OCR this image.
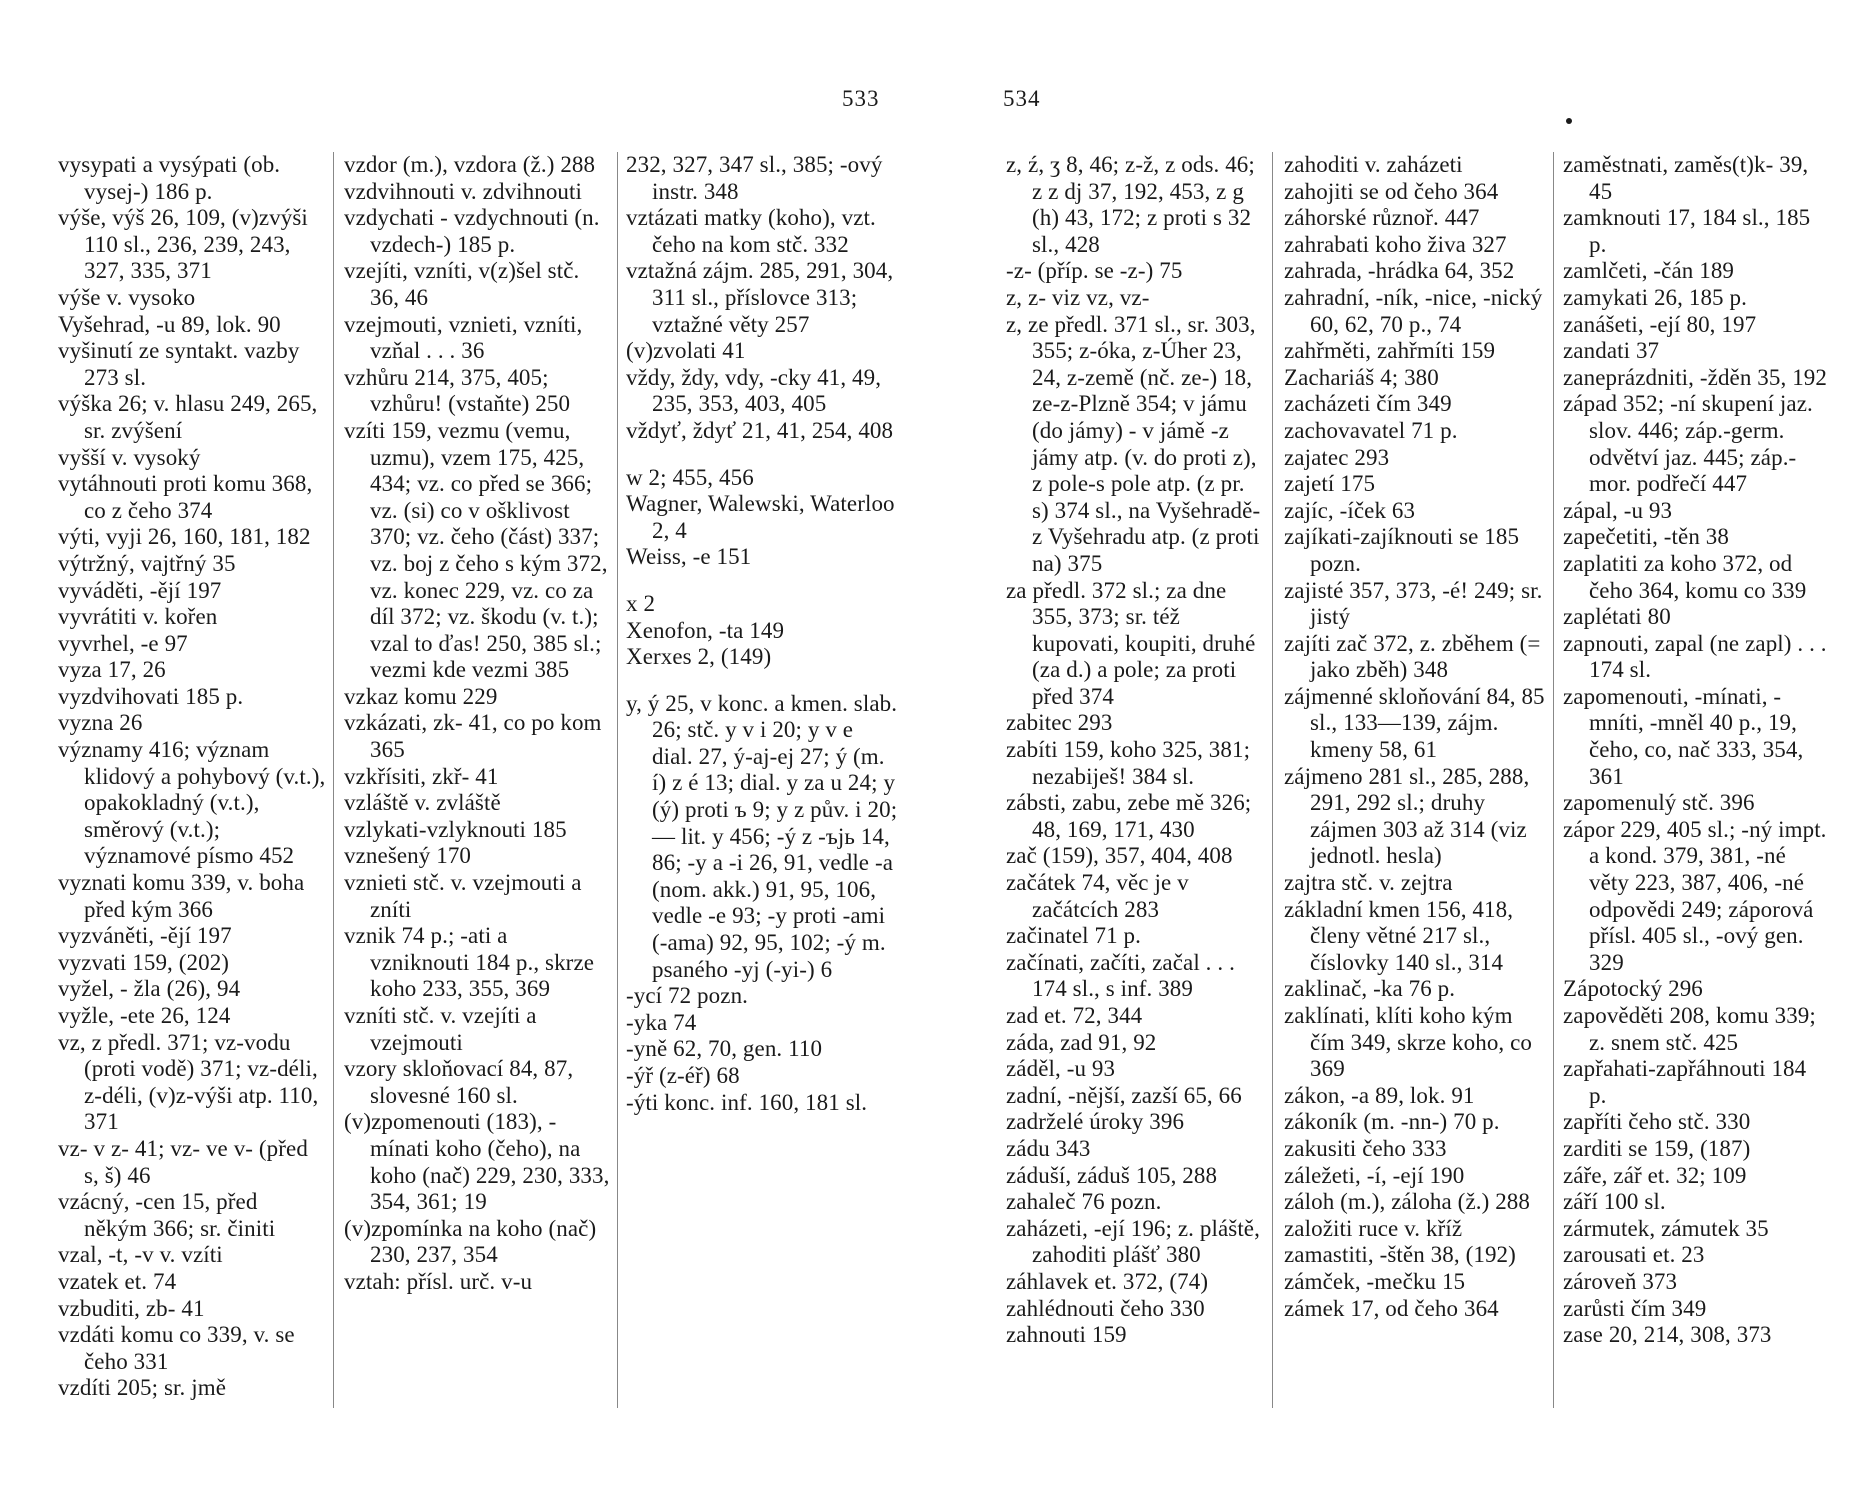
533	534
vysypati a vysýpati (ob. vysej-) 186 p.
výše, výš 26, 109, (v)zvýši 110 sl., 236, 239, 243, 327, 335, 371
výše v. vysoko
Vyšehrad, -u 89, lok. 90
vyšinutí ze syntakt. vazby 273 sl.
výška 26; v. hlasu 249, 265, sr. zvýšení
vyšší v. vysoký
vytáhnouti proti komu 368, co z čeho 374
výti, vyji 26, 160, 181, 182
výtržný, vajtřný 35
vyváděti, -ějí 197
vyvrátiti v. kořen
vyvrhel, -e 97
vyza 17, 26
vyzdvihovati 185 p.
vyzna 26
významy 416; význam klidový a pohybový (v.t.), opakokladný (v.t.), směrový (v.t.); významové písmo 452
vyznati komu 339, v. boha před kým 366
vyzváněti, -ějí 197
vyzvati 159, (202)
vyžel, - žla (26), 94
vyžle, -ete 26, 124
vz, z předl. 371; vz-vodu (proti vodě) 371; vz-déli, z-déli, (v)z-výši atp. 110, 371
vz- v z- 41; vz- ve v- (před s, š) 46
vzácný, -cen 15, před někým 366; sr. činiti
vzal, -t, -v v. vzíti
vzatek et. 74
vzbuditi, zb- 41
vzdáti komu co 339, v. se čeho 331
vzdíti 205; sr. jmě
vzdor (m.), vzdora (ž.) 288
vzdvihnouti v. zdvihnouti
vzdychati - vzdychnouti (n. vzdech-) 185 p.
vzejíti, vzníti, v(z)šel stč. 36, 46
vzejmouti, vznieti, vzníti, vzňal . . . 36
vzhůru 214, 375, 405; vzhůru! (vstaňte) 250
vzíti 159, vezmu (vemu, uzmu), vzem 175, 425, 434; vz. co před se 366; vz. (si) co v ošklivost 370; vz. čeho (část) 337; vz. boj z čeho s kým 372, vz. konec 229, vz. co za díl 372; vz. škodu (v. t.); vzal to ďas! 250, 385 sl.; vezmi kde vezmi 385
vzkaz komu 229
vzkázati, zk- 41, co po kom 365
vzkřísiti, zkř- 41
vzláště v. zvláště
vzlykati-vzlyknouti 185
vznešený 170
vznieti stč. v. vzejmouti a zníti
vznik 74 p.; -ati a vzniknouti 184 p., skrze koho 233, 355, 369
vzníti stč. v. vzejíti a vzejmouti
vzory skloňovací 84, 87, slovesné 160 sl.
(v)zpomenouti (183), -mínati koho (čeho), na koho (nač) 229, 230, 333, 354, 361; 19
(v)zpomínka na koho (nač) 230, 237, 354
vztah: přísl. urč. v-u
232, 327, 347 sl., 385; -ový instr. 348
vztázati matky (koho), vzt. čeho na kom stč. 332
vztažná zájm. 285, 291, 304, 311 sl., příslovce 313; vztažné věty 257
(v)zvolati 41
vždy, ždy, vdy, -cky 41, 49, 235, 353, 403, 405
vždyť, ždyť 21, 41, 254, 408
w 2; 455, 456
Wagner, Walewski, Waterloo 2, 4
Weiss, -e 151
x 2
Xenofon, -ta 149
Xerxes 2, (149)
y, ý 25, v konc. a kmen. slab. 26; stč. y v i 20; y v e dial. 27, ý-aj-ej 27; ý (m. í) z é 13; dial. y za u 24; y (ý) proti ъ 9; y z pův. i 20; — lit. y 456; -ý z -ъjь 14, 86; -y a -i 26, 91, vedle -a (nom. akk.) 91, 95, 106, vedle -e 93; -y proti -ami (-ama) 92, 95, 102; -ý m. psaného -yj (-yi-) 6
-ycí 72 pozn.
-yka 74
-yně 62, 70, gen. 110
-ýř (z-éř) 68
-ýti konc. inf. 160, 181 sl.
z, ź, ʒ 8, 46; z-ž, z ods. 46; z z dj 37, 192, 453, z g (h) 43, 172; z proti s 32 sl., 428
-z- (příp. se -z-) 75
z, z- viz vz, vz-
z, ze předl. 371 sl., sr. 303, 355; z-óka, z-Úher 23, 24, z-země (nč. ze-) 18, ze-z-Plzně 354; v jámu (do jámy) - v jámě -z jámy atp. (v. do proti z), z pole-s pole atp. (z pr. s) 374 sl., na Vyšehradě-z Vyšehradu atp. (z proti na) 375
za předl. 372 sl.; za dne 355, 373; sr. též kupovati, koupiti, druhé (za d.) a pole; za proti před 374
zabitec 293
zabíti 159, koho 325, 381; nezabiješ! 384 sl.
zábsti, zabu, zebe mě 326; 48, 169, 171, 430
zač (159), 357, 404, 408
začátek 74, věc je v začátcích 283
začinatel 71 p.
začínati, začíti, začal . . . 174 sl., s inf. 389
zad et. 72, 344
záda, zad 91, 92
záděl, -u 93
zadní, -nější, zazší 65, 66
zadrželé úroky 396
zádu 343
záduší, záduš 105, 288
zahaleč 76 pozn.
zaházeti, -ejí 196; z. pláště, zahoditi plášť 380
záhlavek et. 372, (74)
zahlédnouti čeho 330
zahnouti 159
zahoditi v. zaházeti
zahojiti se od čeho 364
záhorské různoř. 447
zahrabati koho živa 327
zahrada, -hrádka 64, 352
zahradní, -ník, -nice, -nický 60, 62, 70 p., 74
zahřměti, zahřmíti 159
Zachariáš 4; 380
zacházeti čím 349
zachovavatel 71 p.
zajatec 293
zajetí 175
zajíc, -íček 63
zajíkati-zajíknouti se 185 pozn.
zajisté 357, 373, -é! 249; sr. jistý
zajíti zač 372, z. zběhem (= jako zběh) 348
zájmenné skloňování 84, 85 sl., 133—139, zájm. kmeny 58, 61
zájmeno 281 sl., 285, 288, 291, 292 sl.; druhy zájmen 303 až 314 (viz jednotl. hesla)
zajtra stč. v. zejtra
základní kmen 156, 418, členy větné 217 sl., číslovky 140 sl., 314
zaklinač, -ka 76 p.
zaklínati, klíti koho kým čím 349, skrze koho, co 369
zákon, -a 89, lok. 91
zákoník (m. -nn-) 70 p.
zakusiti čeho 333
záležeti, -í, -ejí 190
záloh (m.), záloha (ž.) 288
založiti ruce v. kříž
zamastiti, -štěn 38, (192)
zámček, -mečku 15
zámek 17, od čeho 364
zaměstnati, zaměs(t)k- 39, 45
zamknouti 17, 184 sl., 185 p.
zamlčeti, -čán 189
zamykati 26, 185 p.
zanášeti, -ejí 80, 197
zandati 37
zaneprázdniti, -žděn 35, 192
západ 352; -ní skupení jaz. slov. 446; záp.-germ. odvětví jaz. 445; záp.-mor. podřečí 447
zápal, -u 93
zapečetiti, -těn 38
zaplatiti za koho 372, od čeho 364, komu co 339
zaplétati 80
zapnouti, zapal (ne zapl) . . . 174 sl.
zapomenouti, -mínati, -mníti, -mněl 40 p., 19, čeho, co, nač 333, 354, 361
zapomenulý stč. 396
zápor 229, 405 sl.; -ný impt. a kond. 379, 381, -né věty 223, 387, 406, -né odpovědi 249; záporová přísl. 405 sl., -ový gen. 329
Zápotocký 296
zapověděti 208, komu 339; z. snem stč. 425
zapřahati-zapřáhnouti 184 p.
zapříti čeho stč. 330
zarditi se 159, (187)
záře, zář et. 32; 109
září 100 sl.
zármutek, zámutek 35
zarousati et. 23
zároveň 373
zarůsti čím 349
zase 20, 214, 308, 373
